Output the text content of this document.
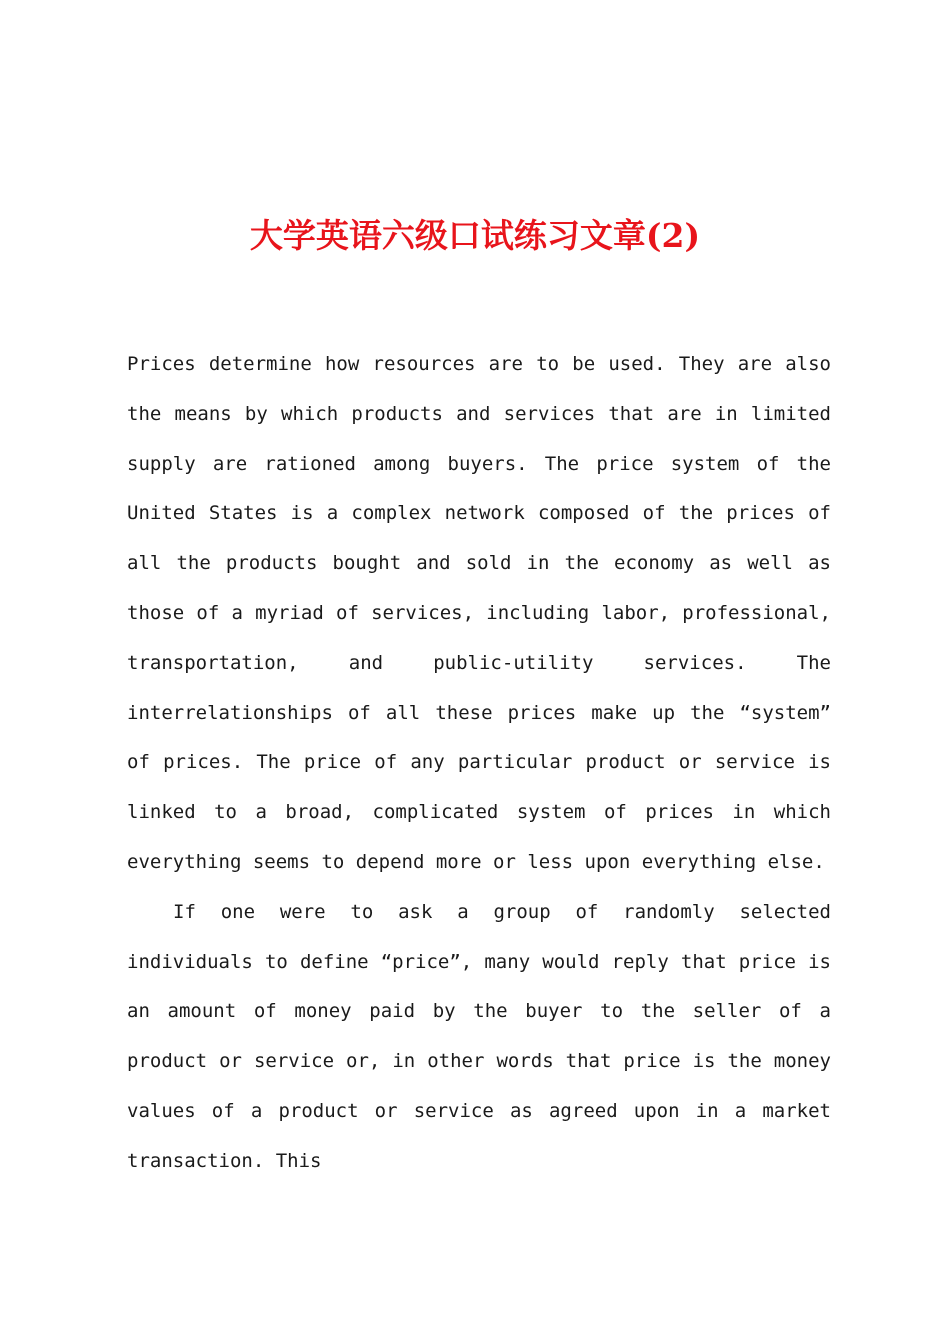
大学英语六级口试练习文章(2)

Prices determine how resources are to be used. They are also the means by which products and services that are in limited supply are rationed among buyers. The price system of the United States is a complex network composed of the prices of all the products bought and sold in the economy as well as those of a myriad of services, including labor, professional, transportation, and public-utility services. The interrelationships of all these prices make up the “system” of prices. The price of any particular product or service is linked to a broad, complicated system of prices in which everything seems to depend more or less upon everything else.

If one were to ask a group of randomly selected individuals to define “price”, many would reply that price is an amount of money paid by the buyer to the seller of a product or service or, in other words that price is the money values of a product or service as agreed upon in a market transaction. This
